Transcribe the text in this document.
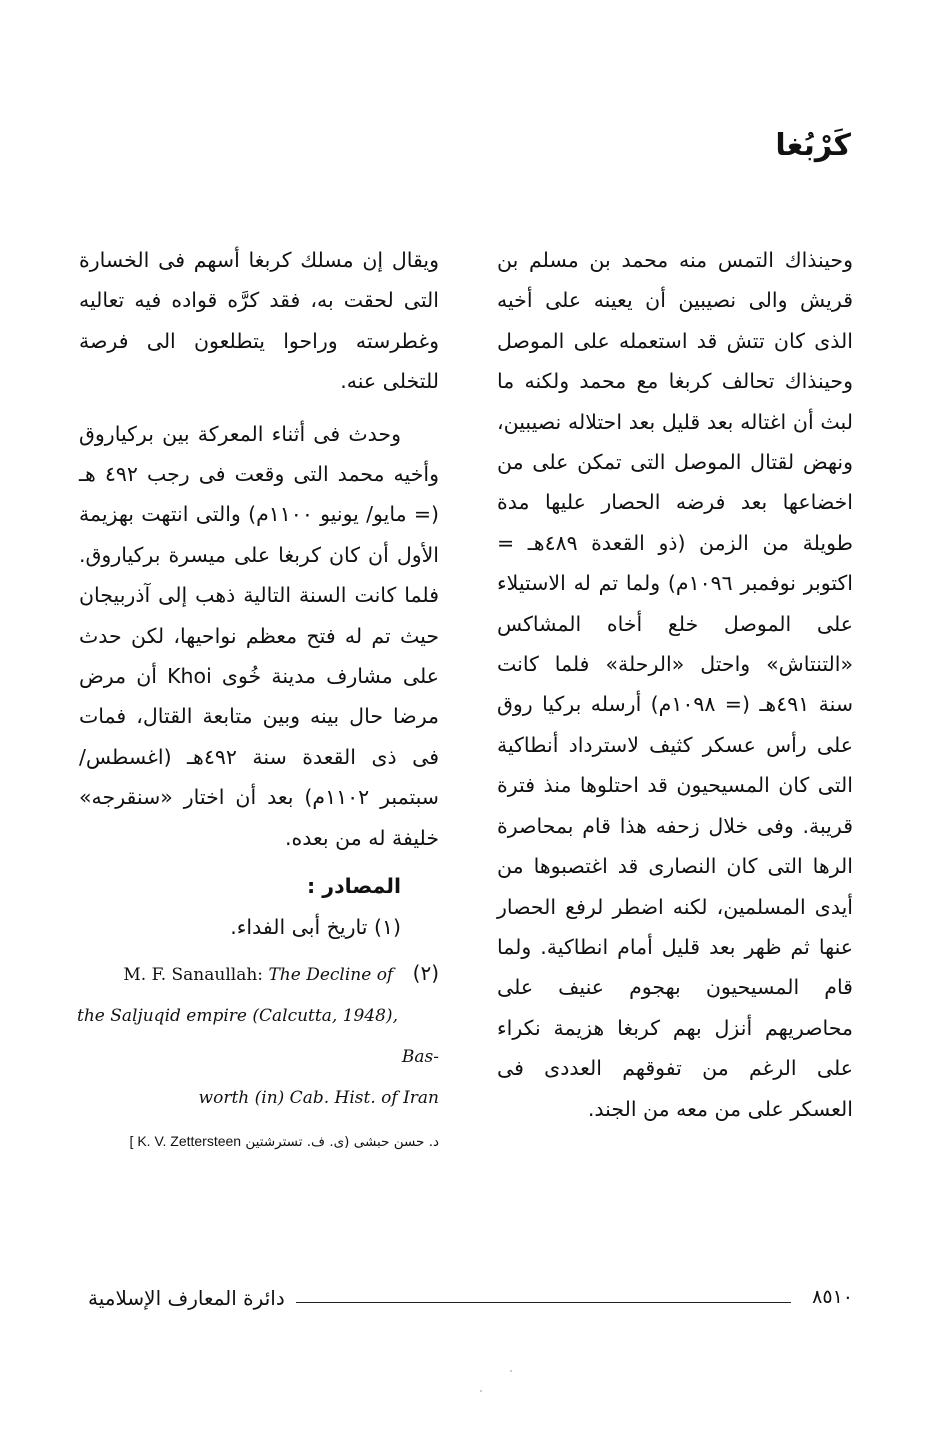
كَرْبُغا

وحينذاك التمس منه محمد بن مسلم بن قريش والى نصيبين أن يعينه على أخيه الذى كان تتش قد استعمله على الموصل وحينذاك تحالف كربغا مع محمد ولكنه ما لبث أن اغتاله بعد قليل بعد احتلاله نصيبين، ونهض لقتال الموصل التى تمكن على من اخضاعها بعد فرضه الحصار عليها مدة طويلة من الزمن (ذو القعدة ٤٨٩هـ = اكتوبر نوفمبر ١٠٩٦م) ولما تم له الاستيلاء على الموصل خلع أخاه المشاكس «التنتاش» واحتل «الرحلة» فلما كانت سنة ٤٩١هـ (= ١٠٩٨م) أرسله بركيا روق على رأس عسكر كثيف لاسترداد أنطاكية التى كان المسيحيون قد احتلوها منذ فترة قريبة. وفى خلال زحفه هذا قام بمحاصرة الرها التى كان النصارى قد اغتصبوها من أيدى المسلمين، لكنه اضطر لرفع الحصار عنها ثم ظهر بعد قليل أمام انطاكية. ولما قام المسيحيون بهجوم عنيف على محاصريهم أنزل بهم كربغا هزيمة نكراء على الرغم من تفوقهم العددى فى العسكر على من معه من الجند.

ويقال إن مسلك كربغا أسهم فى الخسارة التى لحقت به، فقد كرَّه قواده فيه تعاليه وغطرسته وراحوا يتطلعون الى فرصة للتخلى عنه.

وحدث فى أثناء المعركة بين بركياروق وأخيه محمد التى وقعت فى رجب ٤٩٢ هـ (= مايو/ يونيو ١١٠٠م) والتى انتهت بهزيمة الأول أن كان كربغا على ميسرة بركياروق. فلما كانت السنة التالية ذهب إلى آذربيجان حيث تم له فتح معظم نواحيها، لكن حدث على مشارف مدينة خُوى Khoi أن مرض مرضا حال بينه وبين متابعة القتال، فمات فى ذى القعدة سنة ٤٩٢هـ (اغسطس/ سبتمبر ١١٠٢م) بعد أن اختار «سنقرجه» خليفة له من بعده.

المصادر :

(١) تاريخ أبى الفداء.

M. F. Sanaullah: The Decline of (٢)
the Saljuqid empire (Calcutta, 1948), Bas-
worth (in) Cab. Hist. of Iran

د. حسن حبشى (ى. ف. تسترشتين [ K. V. Zettersteen

دائرة المعارف الإسلامية	٨٥١٠
